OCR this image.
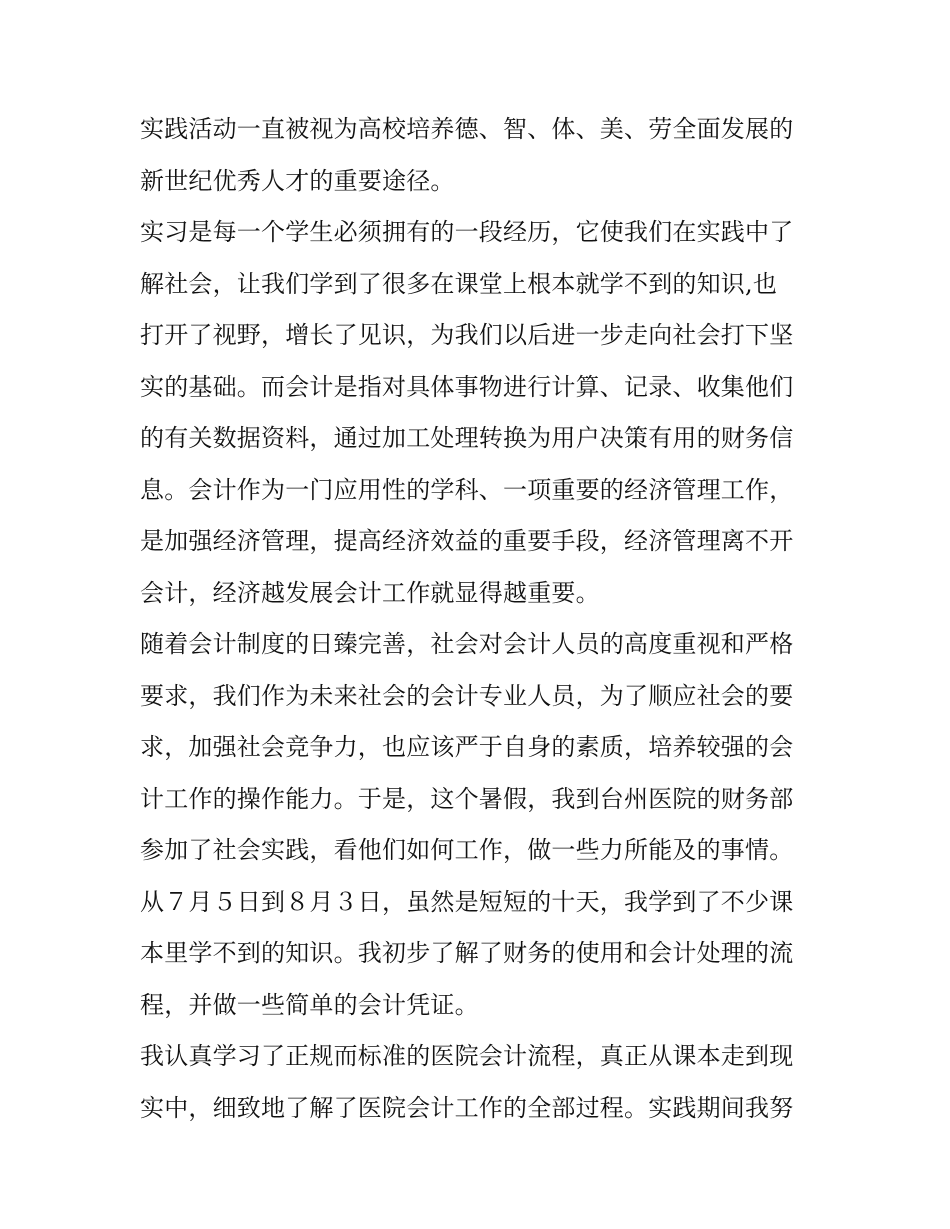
实践活动一直被视为高校培养德、智、体、美、劳全面发展的
新世纪优秀人才的重要途径。
实习是每一个学生必须拥有的一段经历，它使我们在实践中了
解社会，让我们学到了很多在课堂上根本就学不到的知识,也
打开了视野，增长了见识，为我们以后进一步走向社会打下坚
实的基础。而会计是指对具体事物进行计算、记录、收集他们
的有关数据资料，通过加工处理转换为用户决策有用的财务信
息。会计作为一门应用性的学科、一项重要的经济管理工作，
是加强经济管理，提高经济效益的重要手段，经济管理离不开
会计，经济越发展会计工作就显得越重要。
随着会计制度的日臻完善，社会对会计人员的高度重视和严格
要求，我们作为未来社会的会计专业人员，为了顺应社会的要
求，加强社会竞争力，也应该严于自身的素质，培养较强的会
计工作的操作能力。于是，这个暑假，我到台州医院的财务部
参加了社会实践，看他们如何工作，做一些力所能及的事情。
从７月５日到８月３日，虽然是短短的十天，我学到了不少课
本里学不到的知识。我初步了解了财务的使用和会计处理的流
程，并做一些简单的会计凭证。
我认真学习了正规而标准的医院会计流程，真正从课本走到现
实中，细致地了解了医院会计工作的全部过程。实践期间我努
